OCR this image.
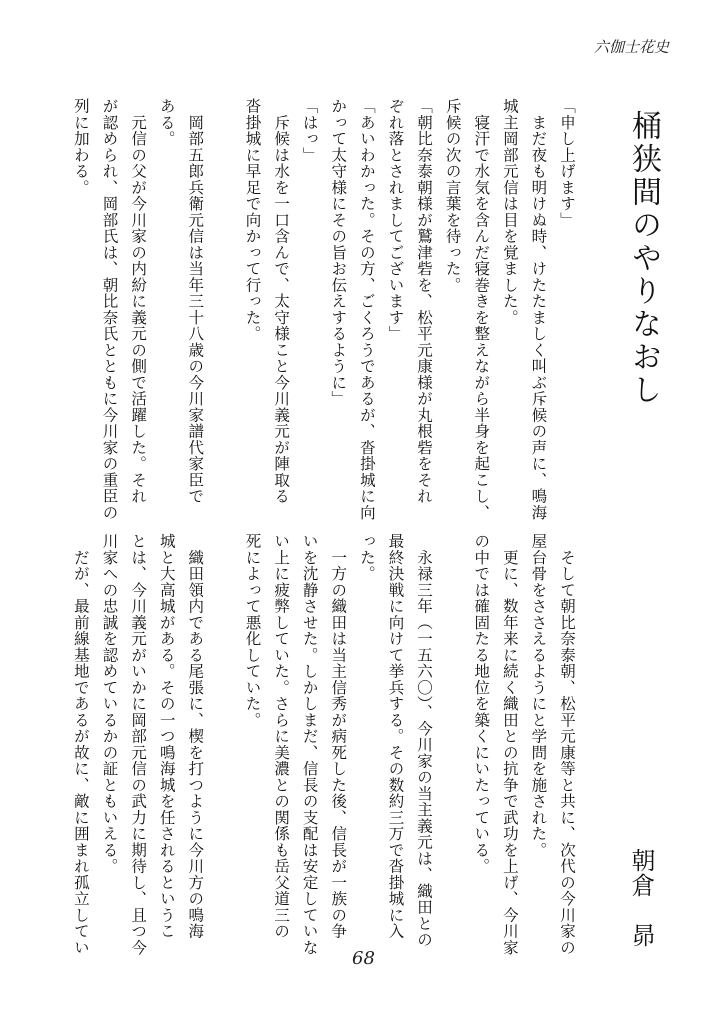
六伽士花史
桶狭間のやりなおし
朝倉　昴
「申し上げます」
　まだ夜も明けぬ時、けたたましく叫ぶ斥候の声に、鳴海
城主岡部元信は目を覚ました。
　寝汗で水気を含んだ寝巻きを整えながら半身を起こし、
斥候の次の言葉を待った。
「朝比奈泰朝様が鷲津砦を、松平元康様が丸根砦をそれ
ぞれ落とされましてございます」
「あいわかった。その方、ごくろうであるが、沓掛城に向
かって太守様にその旨お伝えするように」
「はっ」
　斥候は水を一口含んで、太守様こと今川義元が陣取る
沓掛城に早足で向かって行った。

　岡部五郎兵衛元信は当年三十八歳の今川家譜代家臣で
ある。
　元信の父が今川家の内紛に義元の側で活躍した。それ
が認められ、岡部氏は、朝比奈氏とともに今川家の重臣の
列に加わる。
　そして朝比奈泰朝、松平元康等と共に、次代の今川家の
屋台骨をささえるようにと学問を施された。
　更に、数年来に続く織田との抗争で武功を上げ、今川家
の中では確固たる地位を築くにいたっている。

　永禄三年（一五六〇）、今川家の当主義元は、織田との
最終決戦に向けて挙兵する。その数約三万で沓掛城に入
った。
　一方の織田は当主信秀が病死した後、信長が一族の争
いを沈静させた。しかしまだ、信長の支配は安定していな
い上に疲弊していた。さらに美濃との関係も岳父道三の
死によって悪化していた。

　織田領内である尾張に、楔を打つように今川方の鳴海
城と大高城がある。その一つ鳴海城を任されるというこ
とは、今川義元がいかに岡部元信の武力に期待し、且つ今
川家への忠誠を認めているかの証ともいえる。
　だが、最前線基地であるが故に、敵に囲まれ孤立してい
68
